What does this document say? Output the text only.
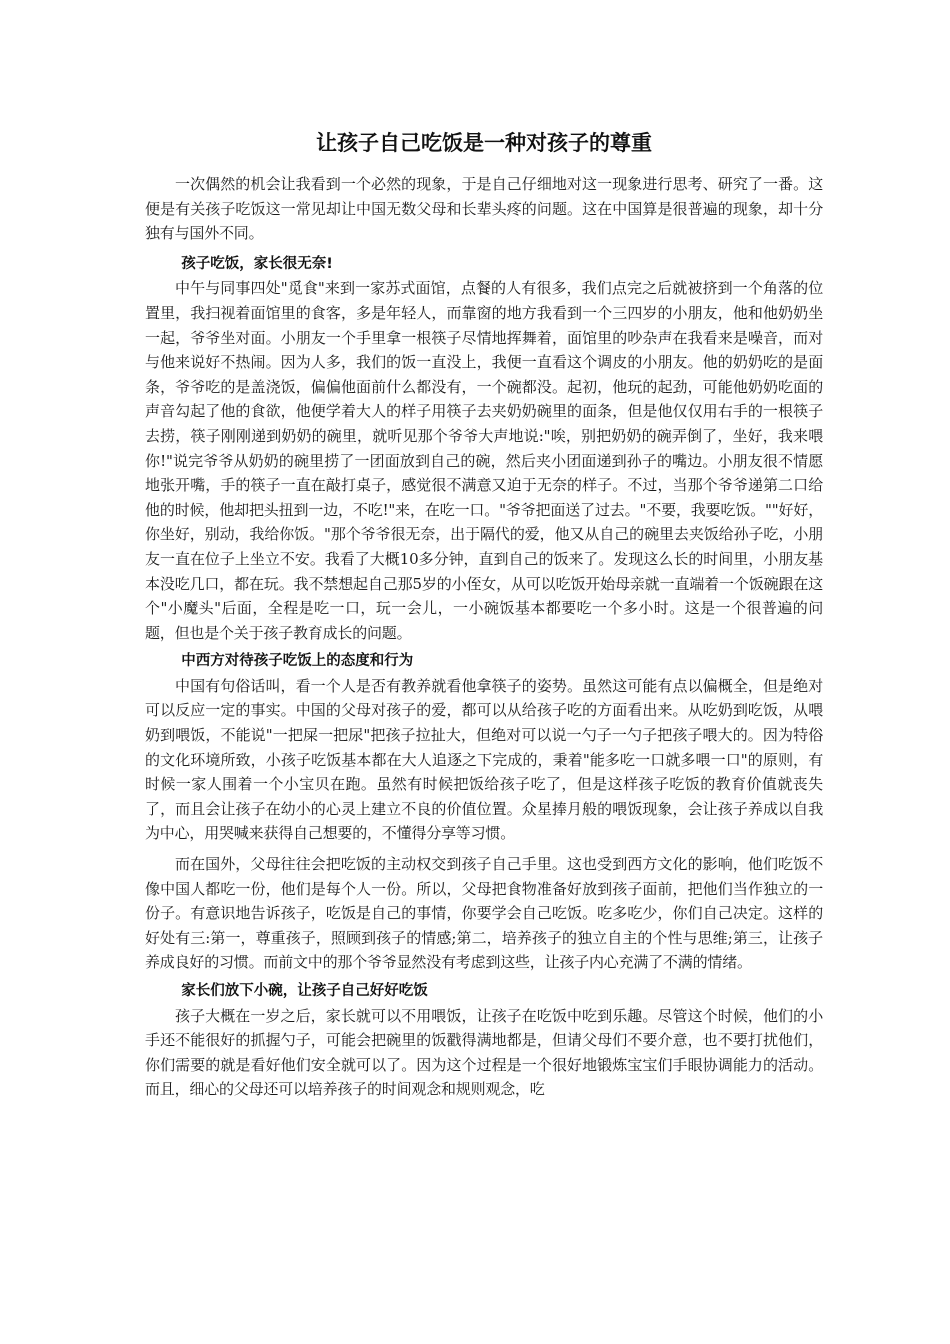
让孩子自己吃饭是一种对孩子的尊重

一次偶然的机会让我看到一个必然的现象，于是自己仔细地对这一现象进行思考、研究了一番。这便是有关孩子吃饭这一常见却让中国无数父母和长辈头疼的问题。这在中国算是很普遍的现象，却十分独有与国外不同。

孩子吃饭，家长很无奈!

中午与同事四处"觅食"来到一家苏式面馆，点餐的人有很多，我们点完之后就被挤到一个角落的位置里，我扫视着面馆里的食客，多是年轻人，而靠窗的地方我看到一个三四岁的小朋友，他和他奶奶坐一起，爷爷坐对面。小朋友一个手里拿一根筷子尽情地挥舞着，面馆里的吵杂声在我看来是噪音，而对与他来说好不热闹。因为人多，我们的饭一直没上，我便一直看这个调皮的小朋友。他的奶奶吃的是面条，爷爷吃的是盖浇饭，偏偏他面前什么都没有，一个碗都没。起初，他玩的起劲，可能他奶奶吃面的声音勾起了他的食欲，他便学着大人的样子用筷子去夹奶奶碗里的面条，但是他仅仅用右手的一根筷子去捞，筷子刚刚递到奶奶的碗里，就听见那个爷爷大声地说:"唉，别把奶奶的碗弄倒了，坐好，我来喂你!"说完爷爷从奶奶的碗里捞了一团面放到自己的碗，然后夹小团面递到孙子的嘴边。小朋友很不情愿地张开嘴，手的筷子一直在敲打桌子，感觉很不满意又迫于无奈的样子。不过，当那个爷爷递第二口给他的时候，他却把头扭到一边，不吃!"来，在吃一口。"爷爷把面送了过去。"不要，我要吃饭。""好好，你坐好，别动，我给你饭。"那个爷爷很无奈，出于隔代的爱，他又从自己的碗里去夹饭给孙子吃，小朋友一直在位子上坐立不安。我看了大概10多分钟，直到自己的饭来了。发现这么长的时间里，小朋友基本没吃几口，都在玩。我不禁想起自己那5岁的小侄女，从可以吃饭开始母亲就一直端着一个饭碗跟在这个"小魔头"后面，全程是吃一口，玩一会儿，一小碗饭基本都要吃一个多小时。这是一个很普遍的问题，但也是个关于孩子教育成长的问题。

中西方对待孩子吃饭上的态度和行为

中国有句俗话叫，看一个人是否有教养就看他拿筷子的姿势。虽然这可能有点以偏概全，但是绝对可以反应一定的事实。中国的父母对孩子的爱，都可以从给孩子吃的方面看出来。从吃奶到吃饭，从喂奶到喂饭，不能说"一把屎一把尿"把孩子拉扯大，但绝对可以说一勺子一勺子把孩子喂大的。因为特俗的文化环境所致，小孩子吃饭基本都在大人追逐之下完成的，秉着"能多吃一口就多喂一口"的原则，有时候一家人围着一个小宝贝在跑。虽然有时候把饭给孩子吃了，但是这样孩子吃饭的教育价值就丧失了，而且会让孩子在幼小的心灵上建立不良的价值位置。众星捧月般的喂饭现象，会让孩子养成以自我为中心，用哭喊来获得自己想要的，不懂得分享等习惯。

而在国外，父母往往会把吃饭的主动权交到孩子自己手里。这也受到西方文化的影响，他们吃饭不像中国人都吃一份，他们是每个人一份。所以，父母把食物准备好放到孩子面前，把他们当作独立的一份子。有意识地告诉孩子，吃饭是自己的事情，你要学会自己吃饭。吃多吃少，你们自己决定。这样的好处有三:第一，尊重孩子，照顾到孩子的情感;第二，培养孩子的独立自主的个性与思维;第三，让孩子养成良好的习惯。而前文中的那个爷爷显然没有考虑到这些，让孩子内心充满了不满的情绪。

家长们放下小碗，让孩子自己好好吃饭

孩子大概在一岁之后，家长就可以不用喂饭，让孩子在吃饭中吃到乐趣。尽管这个时候，他们的小手还不能很好的抓握勺子，可能会把碗里的饭戳得满地都是，但请父母们不要介意，也不要打扰他们，你们需要的就是看好他们安全就可以了。因为这个过程是一个很好地锻炼宝宝们手眼协调能力的活动。而且，细心的父母还可以培养孩子的时间观念和规则观念，吃
